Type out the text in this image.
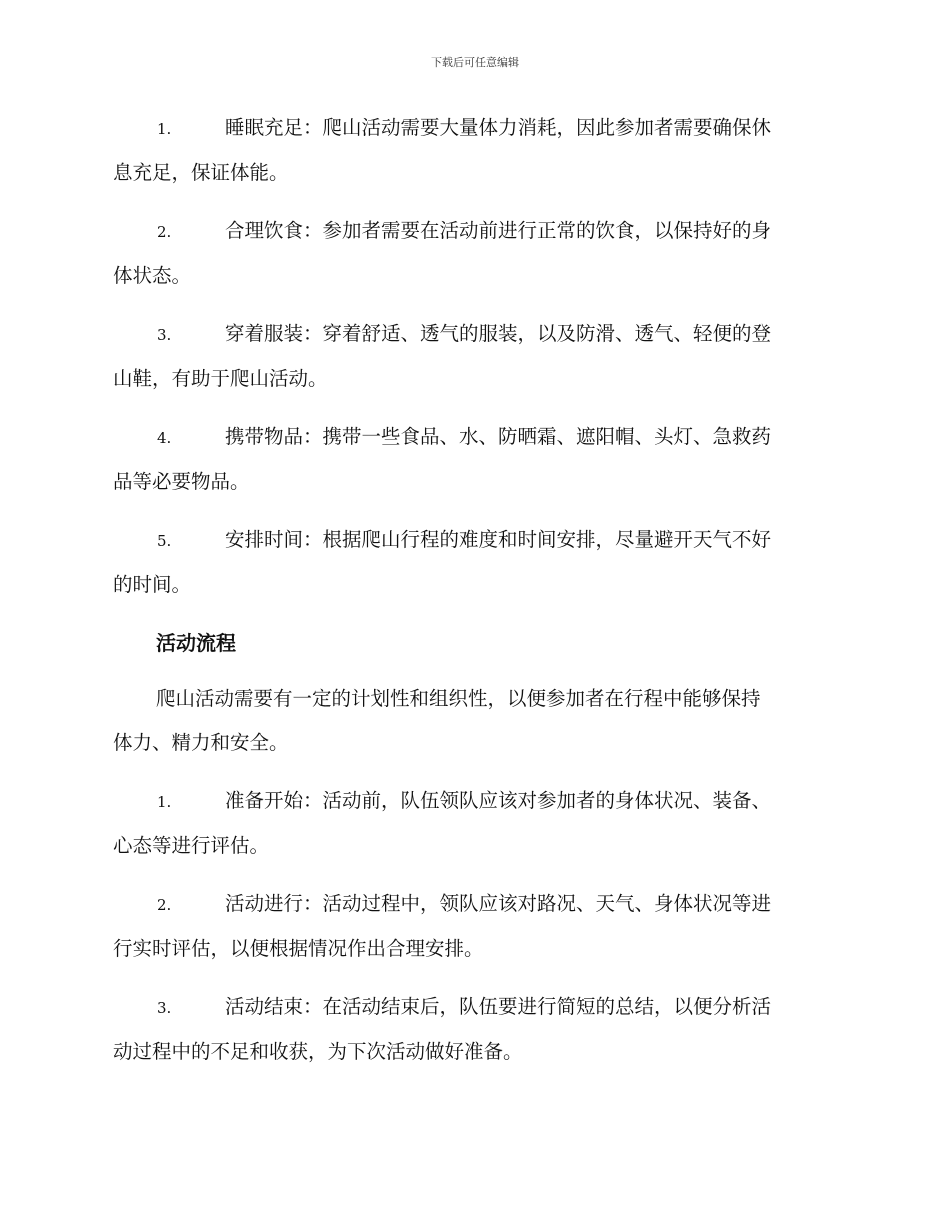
下载后可任意编辑
1.	睡眠充足：爬山活动需要大量体力消耗，因此参加者需要确保休
息充足，保证体能。
2.	合理饮食：参加者需要在活动前进行正常的饮食，以保持好的身
体状态。
3.	穿着服装：穿着舒适、透气的服装，以及防滑、透气、轻便的登
山鞋，有助于爬山活动。
4.	携带物品：携带一些食品、水、防晒霜、遮阳帽、头灯、急救药
品等必要物品。
5.	安排时间：根据爬山行程的难度和时间安排，尽量避开天气不好
的时间。
活动流程
爬山活动需要有一定的计划性和组织性，以便参加者在行程中能够保持
体力、精力和安全。
1.	准备开始：活动前，队伍领队应该对参加者的身体状况、装备、
心态等进行评估。
2.	活动进行：活动过程中，领队应该对路况、天气、身体状况等进
行实时评估，以便根据情况作出合理安排。
3.	活动结束：在活动结束后，队伍要进行简短的总结，以便分析活
动过程中的不足和收获，为下次活动做好准备。
